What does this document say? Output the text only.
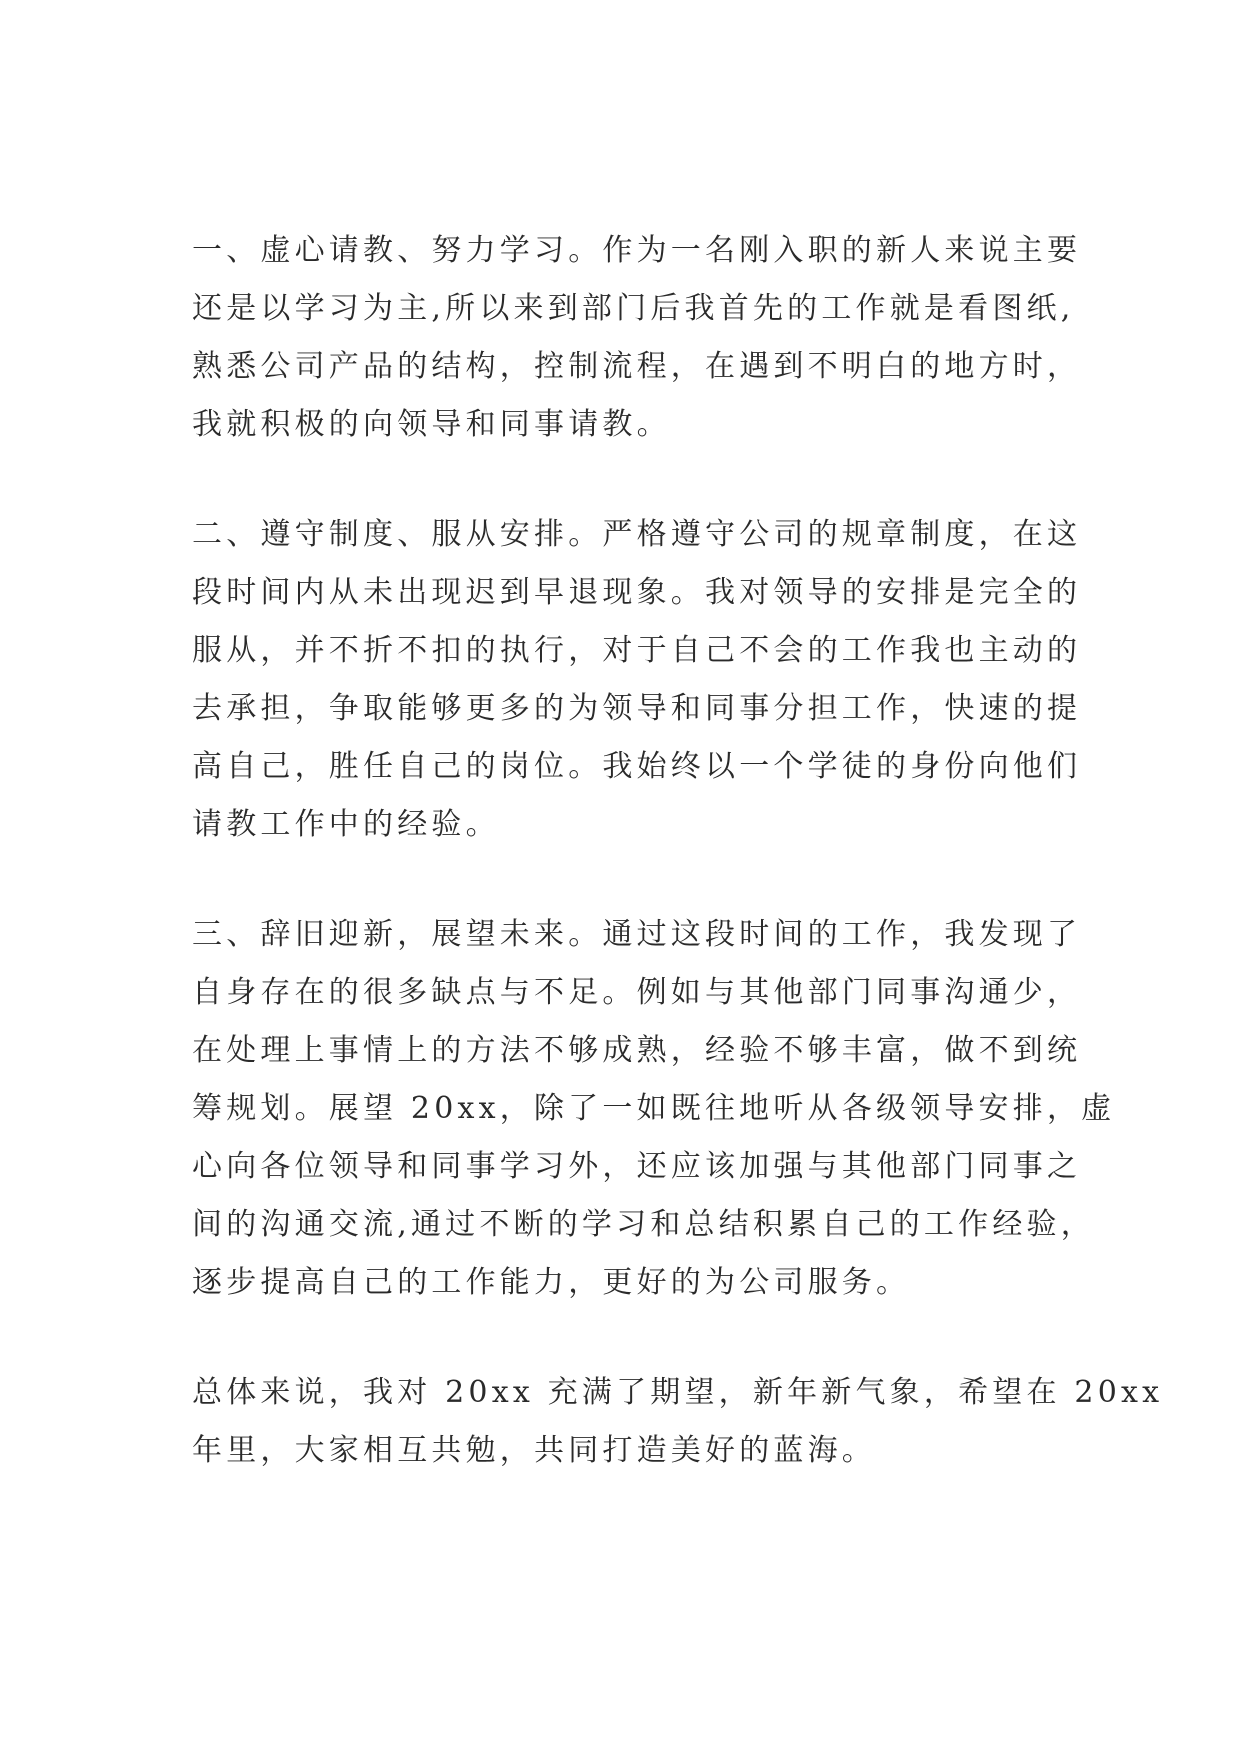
一、虚心请教、努力学习。作为一名刚入职的新人来说主要
还是以学习为主,所以来到部门后我首先的工作就是看图纸,
熟悉公司产品的结构，控制流程，在遇到不明白的地方时，
我就积极的向领导和同事请教。
二、遵守制度、服从安排。严格遵守公司的规章制度，在这
段时间内从未出现迟到早退现象。我对领导的安排是完全的
服从，并不折不扣的执行，对于自己不会的工作我也主动的
去承担，争取能够更多的为领导和同事分担工作，快速的提
高自己，胜任自己的岗位。我始终以一个学徒的身份向他们
请教工作中的经验。
三、辞旧迎新，展望未来。通过这段时间的工作，我发现了
自身存在的很多缺点与不足。例如与其他部门同事沟通少，
在处理上事情上的方法不够成熟，经验不够丰富，做不到统
筹规划。展望 20xx，除了一如既往地听从各级领导安排，虚
心向各位领导和同事学习外，还应该加强与其他部门同事之
间的沟通交流,通过不断的学习和总结积累自己的工作经验，
逐步提高自己的工作能力，更好的为公司服务。
总体来说，我对 20xx 充满了期望，新年新气象，希望在 20xx
年里，大家相互共勉，共同打造美好的蓝海。
